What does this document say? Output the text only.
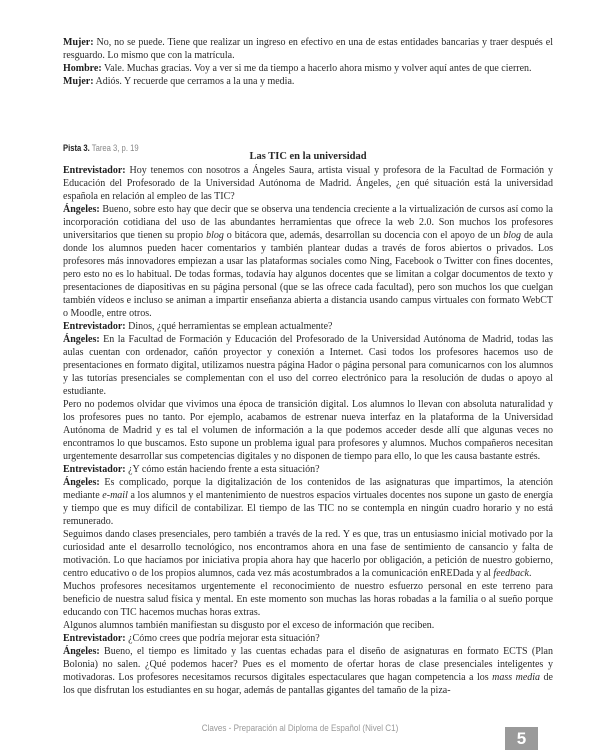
Mujer: No, no se puede. Tiene que realizar un ingreso en efectivo en una de estas entidades bancarias y traer después el resguardo. Lo mismo que con la matrícula.

Hombre: Vale. Muchas gracias. Voy a ver si me da tiempo a hacerlo ahora mismo y volver aquí antes de que cierren.

Mujer: Adiós. Y recuerde que cerramos a la una y media.

Pista 3. Tarea 3, p. 19
Las TIC en la universidad

Entrevistador: Hoy tenemos con nosotros a Ángeles Saura, artista visual y profesora de la Facultad de Formación y Educación del Profesorado de la Universidad Autónoma de Madrid. Ángeles, ¿en qué situación está la universidad española en relación al empleo de las TIC?

Ángeles: Bueno, sobre esto hay que decir que se observa una tendencia creciente a la virtualización de cursos así como la incorporación cotidiana del uso de las abundantes herramientas que ofrece la web 2.0. Son muchos los profesores universitarios que tienen su propio blog o bitácora que, además, desarrollan su docencia con el apoyo de un blog de aula donde los alumnos pueden hacer comentarios y también plantear dudas a través de foros abiertos o privados. Los profesores más innovadores empiezan a usar las plataformas sociales como Ning, Facebook o Twitter con fines docentes, pero esto no es lo habitual. De todas formas, todavía hay algunos docentes que se limitan a colgar documentos de texto y presentaciones de diapositivas en su página personal (que se las ofrece cada facultad), pero son muchos los que cuelgan también vídeos e incluso se animan a impartir enseñanza abierta a distancia usando campus virtuales con formato WebCT o Moodle, entre otros.

Entrevistador: Dinos, ¿qué herramientas se emplean actualmente?

Ángeles: En la Facultad de Formación y Educación del Profesorado de la Universidad Autónoma de Madrid, todas las aulas cuentan con ordenador, cañón proyector y conexión a Internet. Casi todos los profesores hacemos uso de presentaciones en formato digital, utilizamos nuestra página Hador o página personal para comunicarnos con los alumnos y las tutorías presenciales se complementan con el uso del correo electrónico para la resolución de dudas o apoyo al estudiante.

Pero no podemos olvidar que vivimos una época de transición digital. Los alumnos lo llevan con absoluta naturalidad y los profesores pues no tanto. Por ejemplo, acabamos de estrenar nueva interfaz en la plataforma de la Universidad Autónoma de Madrid y es tal el volumen de información a la que podemos acceder desde allí que algunas veces no encontramos lo que buscamos. Esto supone un problema igual para profesores y alumnos. Muchos compañeros necesitan urgentemente desarrollar sus competencias digitales y no disponen de tiempo para ello, lo que les causa bastante estrés.

Entrevistador: ¿Y cómo están haciendo frente a esta situación?

Ángeles: Es complicado, porque la digitalización de los contenidos de las asignaturas que impartimos, la atención mediante e-mail a los alumnos y el mantenimiento de nuestros espacios virtuales docentes nos supone un gasto de energía y tiempo que es muy difícil de contabilizar. El tiempo de las TIC no se contempla en ningún cuadro horario y no está remunerado.

Seguimos dando clases presenciales, pero también a través de la red. Y es que, tras un entusiasmo inicial motivado por la curiosidad ante el desarrollo tecnológico, nos encontramos ahora en una fase de sentimiento de cansancio y falta de motivación. Lo que hacíamos por iniciativa propia ahora hay que hacerlo por obligación, a petición de nuestro gobierno, centro educativo o de los propios alumnos, cada vez más acostumbrados a la comunicación enREDada y al feedback.

Muchos profesores necesitamos urgentemente el reconocimiento de nuestro esfuerzo personal en este terreno para beneficio de nuestra salud física y mental. En este momento son muchas las horas robadas a la familia o al sueño porque educando con TIC hacemos muchas horas extras.

Algunos alumnos también manifiestan su disgusto por el exceso de información que reciben.

Entrevistador: ¿Cómo crees que podría mejorar esta situación?

Ángeles: Bueno, el tiempo es limitado y las cuentas echadas para el diseño de asignaturas en formato ECTS (Plan Bolonia) no salen. ¿Qué podemos hacer? Pues es el momento de ofertar horas de clase presenciales inteligentes y motivadoras. Los profesores necesitamos recursos digitales espectaculares que hagan competencia a los mass media de los que disfrutan los estudiantes en su hogar, además de pantallas gigantes del tamaño de la piza-

Claves - Preparación al Diploma de Español (Nivel C1)
5
